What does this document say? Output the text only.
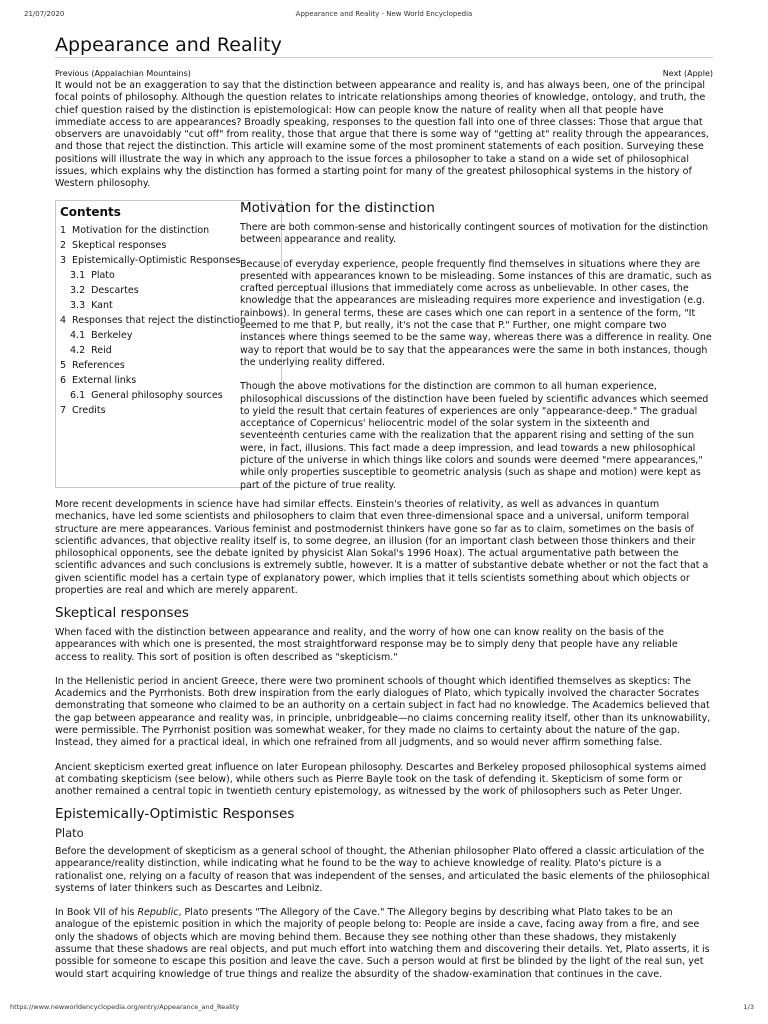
21/07/2020	Appearance and Reality - New World Encyclopedia
Appearance and Reality
Previous (Appalachian Mountains)	Next (Apple)

It would not be an exaggeration to say that the distinction between appearance and reality is, and has always been, one of the principal focal points of philosophy. Although the question relates to intricate relationships among theories of knowledge, ontology, and truth, the chief question raised by the distinction is epistemological: How can people know the nature of reality when all that people have immediate access to are appearances? Broadly speaking, responses to the question fall into one of three classes: Those that argue that observers are unavoidably "cut off" from reality, those that argue that there is some way of "getting at" reality through the appearances, and those that reject the distinction. This article will examine some of the most prominent statements of each position. Surveying these positions will illustrate the way in which any approach to the issue forces a philosopher to take a stand on a wide set of philosophical issues, which explains why the distinction has formed a starting point for many of the greatest philosophical systems in the history of Western philosophy.

Contents
1 Motivation for the distinction
2 Skeptical responses
3 Epistemically-Optimistic Responses
3.1 Plato
3.2 Descartes
3.3 Kant
4 Responses that reject the distinction
4.1 Berkeley
4.2 Reid
5 References
6 External links
6.1 General philosophy sources
7 Credits
Motivation for the distinction

There are both common-sense and historically contingent sources of motivation for the distinction between appearance and reality.

Because of everyday experience, people frequently find themselves in situations where they are presented with appearances known to be misleading. Some instances of this are dramatic, such as crafted perceptual illusions that immediately come across as unbelievable. In other cases, the knowledge that the appearances are misleading requires more experience and investigation (e.g. rainbows). In general terms, these are cases which one can report in a sentence of the form, "It seemed to me that P, but really, it's not the case that P." Further, one might compare two instances where things seemed to be the same way, whereas there was a difference in reality. One way to report that would be to say that the appearances were the same in both instances, though the underlying reality differed.

Though the above motivations for the distinction are common to all human experience, philosophical discussions of the distinction have been fueled by scientific advances which seemed to yield the result that certain features of experiences are only "appearance-deep." The gradual acceptance of Copernicus' heliocentric model of the solar system in the sixteenth and seventeenth centuries came with the realization that the apparent rising and setting of the sun were, in fact, illusions. This fact made a deep impression, and lead towards a new philosophical picture of the universe in which things like colors and sounds were deemed "mere appearances," while only properties susceptible to geometric analysis (such as shape and motion) were kept as part of the picture of true reality.

More recent developments in science have had similar effects. Einstein's theories of relativity, as well as advances in quantum mechanics, have led some scientists and philosophers to claim that even three-dimensional space and a universal, uniform temporal structure are mere appearances. Various feminist and postmodernist thinkers have gone so far as to claim, sometimes on the basis of scientific advances, that objective reality itself is, to some degree, an illusion (for an important clash between those thinkers and their philosophical opponents, see the debate ignited by physicist Alan Sokal's 1996 Hoax). The actual argumentative path between the scientific advances and such conclusions is extremely subtle, however. It is a matter of substantive debate whether or not the fact that a given scientific model has a certain type of explanatory power, which implies that it tells scientists something about which objects or properties are real and which are merely apparent.

Skeptical responses

When faced with the distinction between appearance and reality, and the worry of how one can know reality on the basis of the appearances with which one is presented, the most straightforward response may be to simply deny that people have any reliable access to reality. This sort of position is often described as "skepticism."

In the Hellenistic period in ancient Greece, there were two prominent schools of thought which identified themselves as skeptics: The Academics and the Pyrrhonists. Both drew inspiration from the early dialogues of Plato, which typically involved the character Socrates demonstrating that someone who claimed to be an authority on a certain subject in fact had no knowledge. The Academics believed that the gap between appearance and reality was, in principle, unbridgeable—no claims concerning reality itself, other than its unknowability, were permissible. The Pyrrhonist position was somewhat weaker, for they made no claims to certainty about the nature of the gap. Instead, they aimed for a practical ideal, in which one refrained from all judgments, and so would never affirm something false.

Ancient skepticism exerted great influence on later European philosophy. Descartes and Berkeley proposed philosophical systems aimed at combating skepticism (see below), while others such as Pierre Bayle took on the task of defending it. Skepticism of some form or another remained a central topic in twentieth century epistemology, as witnessed by the work of philosophers such as Peter Unger.

Epistemically-Optimistic Responses
Plato

Before the development of skepticism as a general school of thought, the Athenian philosopher Plato offered a classic articulation of the appearance/reality distinction, while indicating what he found to be the way to achieve knowledge of reality. Plato's picture is a rationalist one, relying on a faculty of reason that was independent of the senses, and articulated the basic elements of the philosophical systems of later thinkers such as Descartes and Leibniz.

In Book VII of his Republic, Plato presents "The Allegory of the Cave." The Allegory begins by describing what Plato takes to be an analogue of the epistemic position in which the majority of people belong to: People are inside a cave, facing away from a fire, and see only the shadows of objects which are moving behind them. Because they see nothing other than these shadows, they mistakenly assume that these shadows are real objects, and put much effort into watching them and discovering their details. Yet, Plato asserts, it is possible for someone to escape this position and leave the cave. Such a person would at first be blinded by the light of the real sun, yet would start acquiring knowledge of true things and realize the absurdity of the shadow-examination that continues in the cave.

https://www.newworldencyclopedia.org/entry/Appearance_and_Reality	1/3
